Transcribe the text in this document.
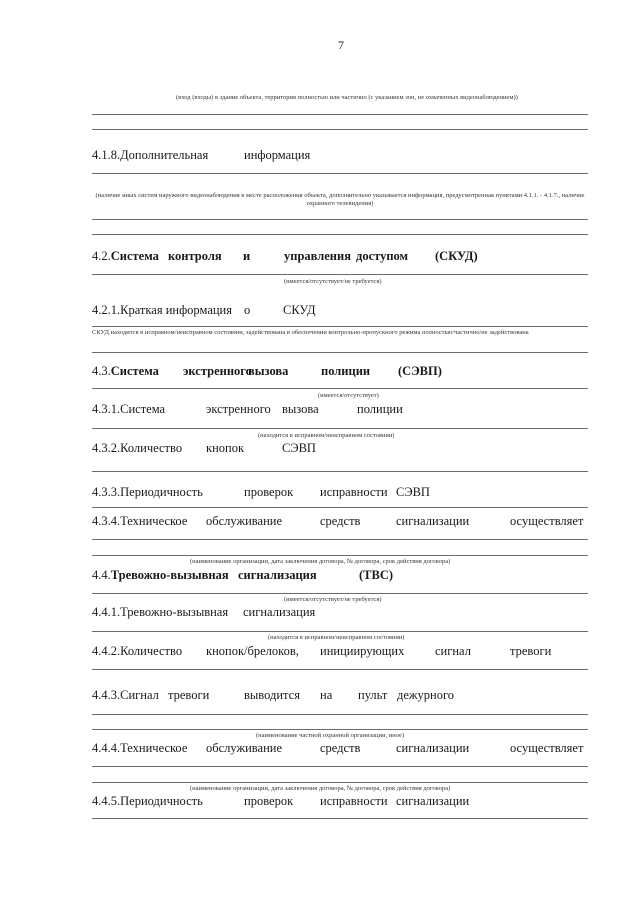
7
(вход (входы) в здание объекта, территория полностью или частично (с указанием зон, не охваченных видеонаблюдением))
4.1.8.Дополнительная	информация
(наличие иных систем наружного видеонаблюдения в месте расположения объекта, дополнительно указывается информация, предусмотренная пунктами 4.1.1. - 4.1.7., наличие охранного телевидения)
4.2.Система контроля и	управления доступом (СКУД)
(имеется/отсутствует/не требуется)
4.2.1.Краткая информация о	СКУД
СКУД находится в исправном/неисправном состоянии, задействована в обеспечении контрольно-пропускного режима полностью/частично/не задействована
4.3.Система экстренного
вызова	полиции (СЭВП)
(имеется/отсутствует)
4.3.1.Система	экстренного вызова	полиции
(находится в исправном/неисправном состоянии)
4.3.2.Количество кнопок	СЭВП
4.3.3.Периодичность	проверок исправности СЭВП
4.3.4.Техническое обслуживание	средств	сигнализации	осуществляет
(наименование организации, дата заключения договора, № договора, срок действия договора)
4.4.Тревожно-вызывная сигнализация	(ТВС)
(имеется/отсутствует/не требуется)
4.4.1.Тревожно-вызывная сигнализация
(находится в исправном/неисправном состоянии)
4.4.2.Количество кнопок/брелоков, инициирующих сигнал	тревоги
4.4.3.Сигнал тревоги	выводится на пульт дежурного
(наименование частной охранной организации, иное)
4.4.4.Техническое обслуживание	средств	сигнализации	осуществляет
(наименование организации, дата заключения договора, № договора, срок действия договора)
4.4.5.Периодичность	проверок исправности сигнализации
